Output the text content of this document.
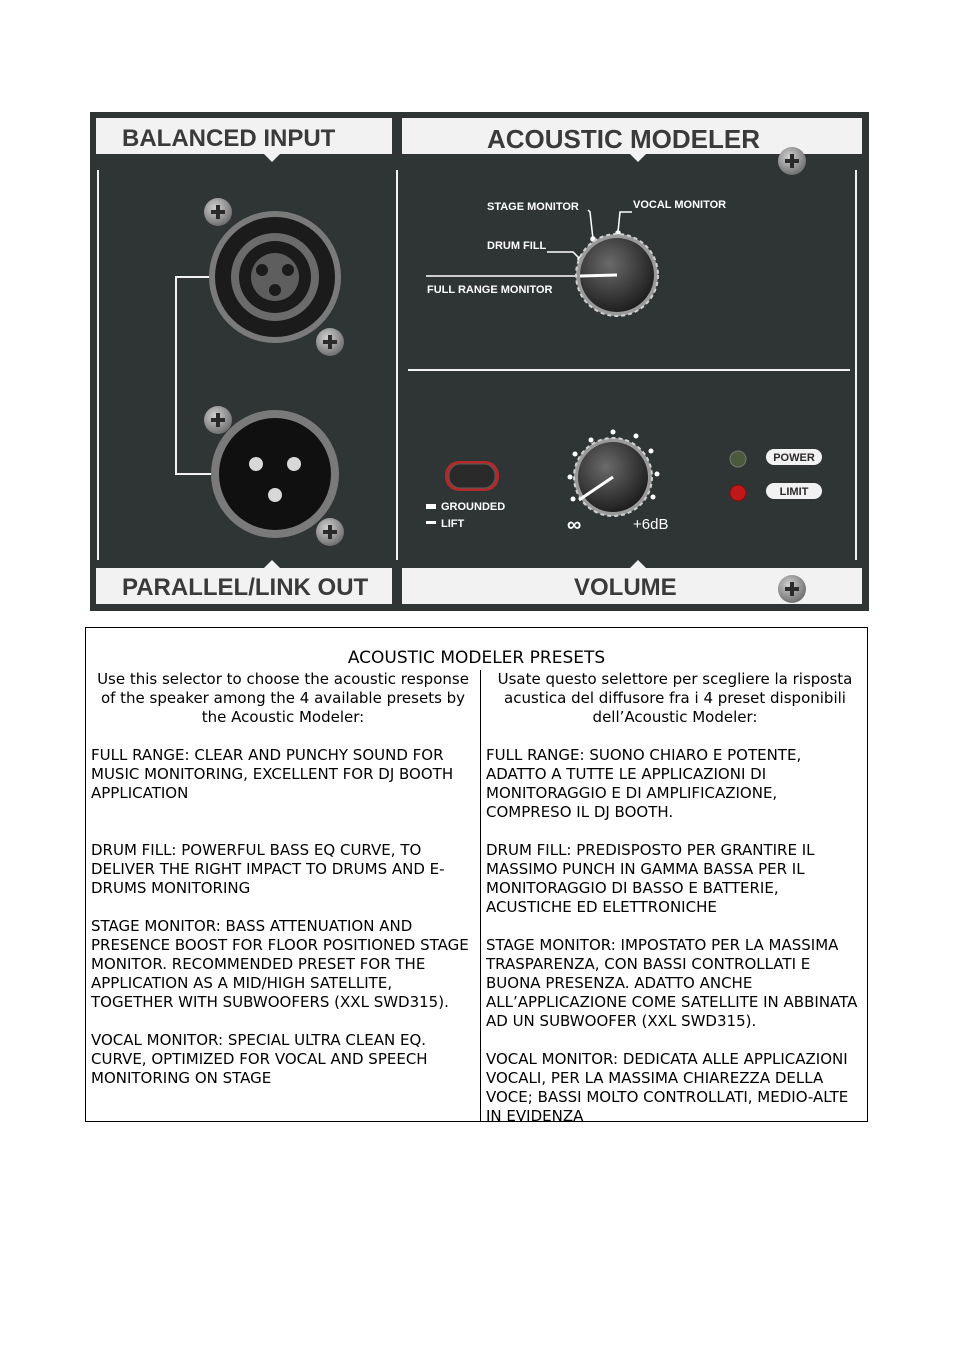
BALANCED INPUT	ACOUSTIC MODELER
PARALLEL/LINK OUT	VOLUME
STAGE MONITOR	VOCAL MONITOR
DRUM FILL
FULL RANGE MONITOR
GROUNDED
LIFT	∞	+6dB
POWER
LIMIT
ACOUSTIC MODELER PRESETS

Use this selector to choose the acoustic response of the speaker among the 4 available presets by the Acoustic Modeler:

FULL RANGE: CLEAR AND PUNCHY SOUND FOR MUSIC MONITORING, EXCELLENT FOR DJ BOOTH APPLICATION

DRUM FILL: POWERFUL BASS EQ CURVE, TO DELIVER THE RIGHT IMPACT TO DRUMS AND E-DRUMS MONITORING

STAGE MONITOR: BASS ATTENUATION AND PRESENCE BOOST FOR FLOOR POSITIONED STAGE MONITOR. RECOMMENDED PRESET FOR THE APPLICATION AS A MID/HIGH SATELLITE, TOGETHER WITH SUBWOOFERS (XXL SWD315).

VOCAL MONITOR: SPECIAL ULTRA CLEAN EQ. CURVE, OPTIMIZED FOR VOCAL AND SPEECH MONITORING ON STAGE

Usate questo selettore per scegliere la risposta acustica del diffusore fra i 4 preset disponibili dell’Acoustic Modeler:

FULL RANGE: SUONO CHIARO E POTENTE, ADATTO A TUTTE LE APPLICAZIONI DI MONITORAGGIO E DI AMPLIFICAZIONE, COMPRESO IL DJ BOOTH.

DRUM FILL: PREDISPOSTO PER GRANTIRE IL MASSIMO PUNCH IN GAMMA BASSA PER IL MONITORAGGIO DI BASSO E BATTERIE, ACUSTICHE ED ELETTRONICHE

STAGE MONITOR: IMPOSTATO PER LA MASSIMA TRASPARENZA, CON BASSI CONTROLLATI E BUONA PRESENZA. ADATTO ANCHE ALL’APPLICAZIONE COME SATELLITE IN ABBINATA AD UN SUBWOOFER (XXL SWD315).

VOCAL MONITOR: DEDICATA ALLE APPLICAZIONI VOCALI, PER LA MASSIMA CHIAREZZA DELLA VOCE; BASSI MOLTO CONTROLLATI, MEDIO-ALTE IN EVIDENZA
